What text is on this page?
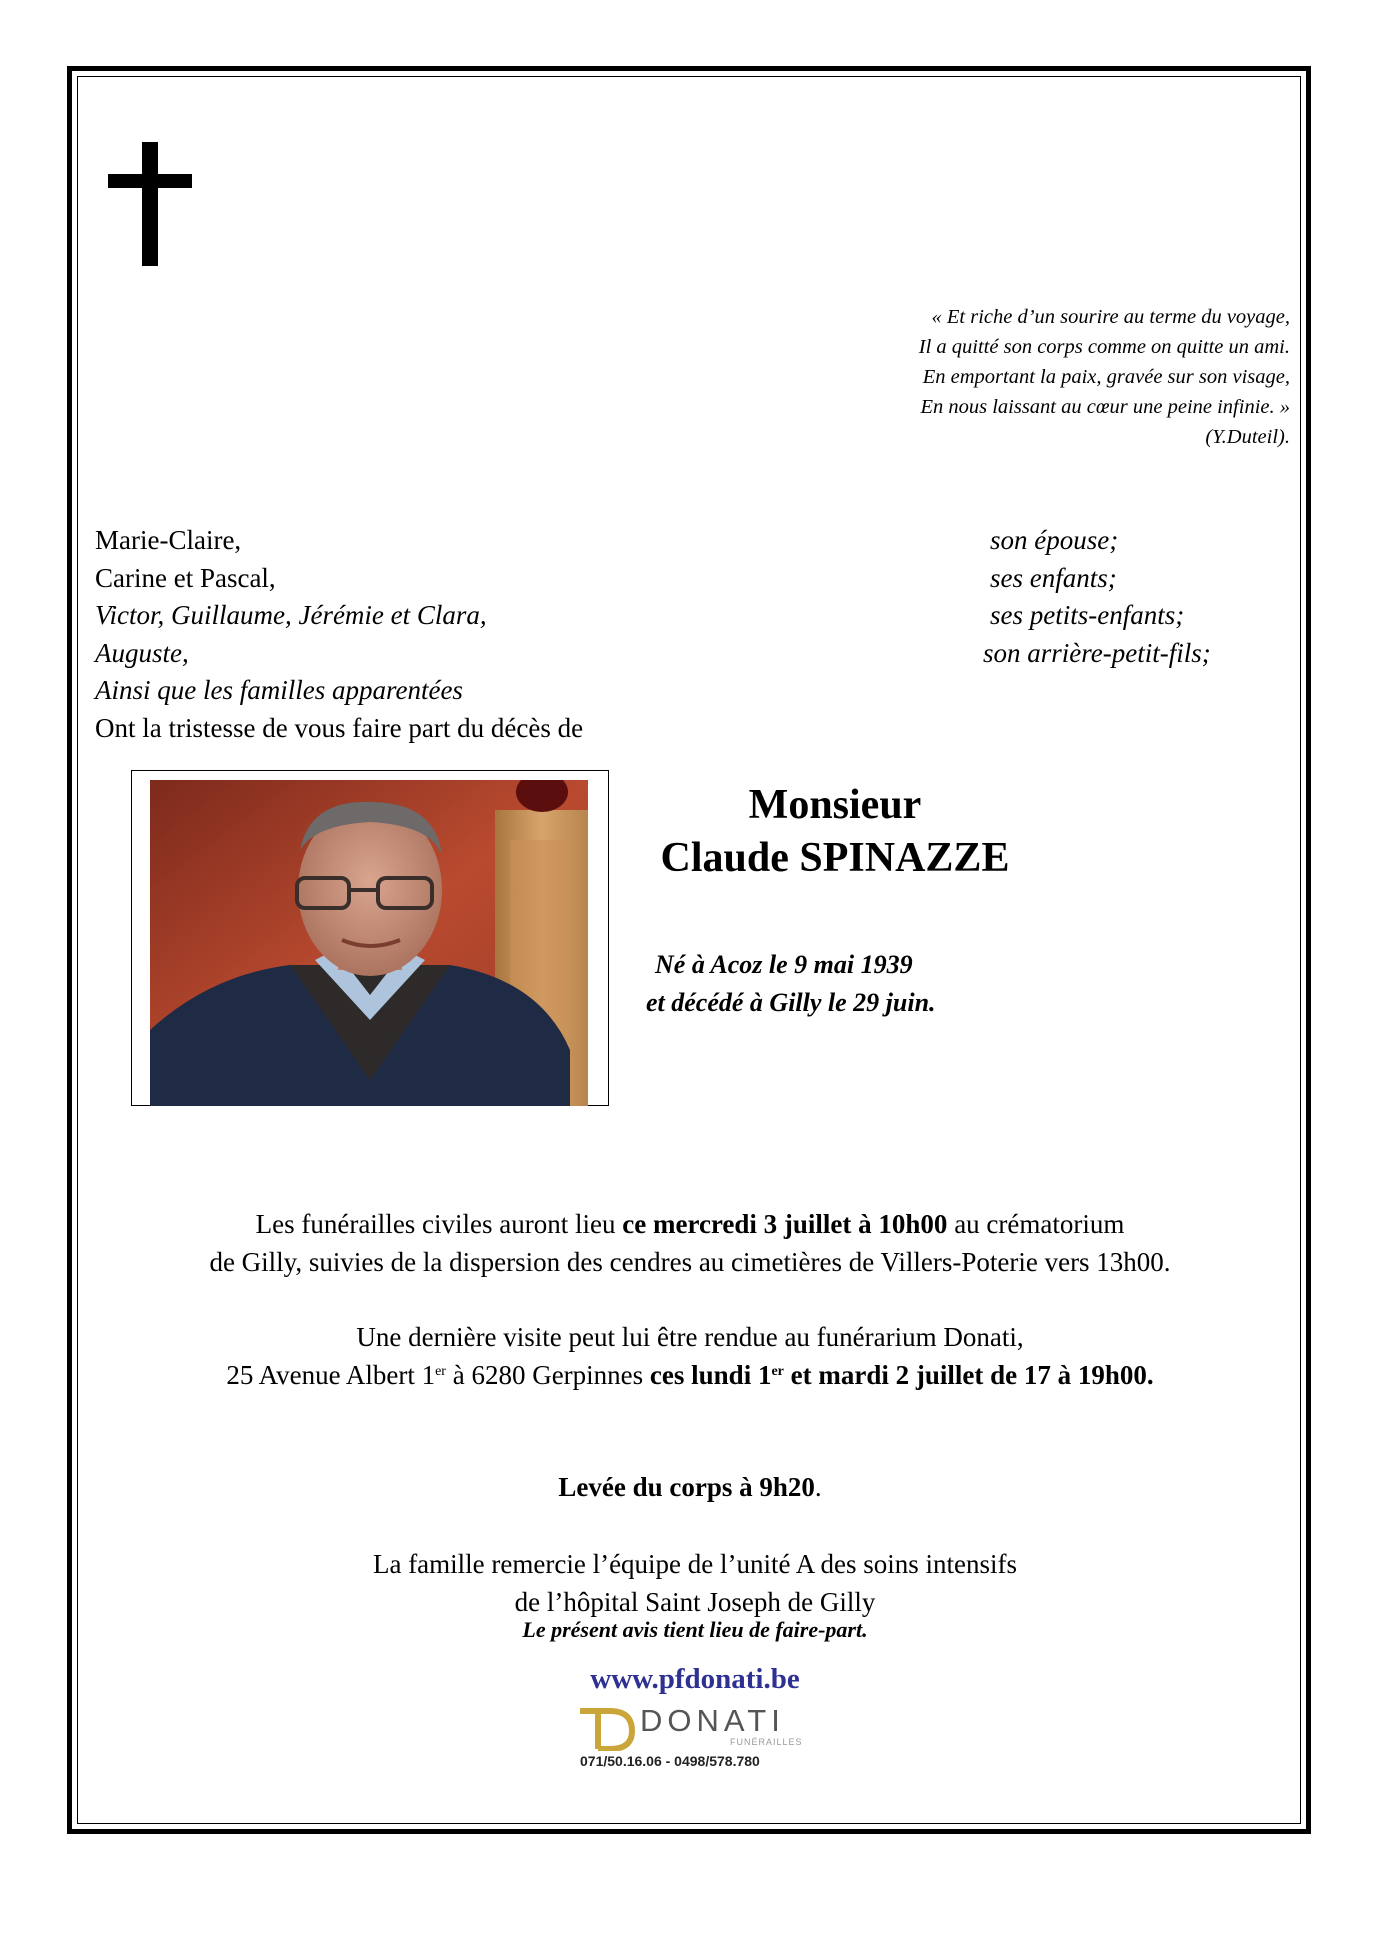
« Et riche d’un sourire au terme du voyage,
Il a quitté son corps comme on quitte un ami.
En emportant la paix, gravée sur son visage,
En nous laissant au cœur une peine infinie. »
(Y.Duteil).
Marie-Claire,
Carine et Pascal,
Victor, Guillaume, Jérémie et Clara,
Auguste,
Ainsi que les familles apparentées
Ont la tristesse de vous faire part du décès de
son épouse;
ses enfants;
ses petits-enfants;
son arrière-petit-fils;
Monsieur
Claude SPINAZZE
Né à Acoz le 9 mai 1939
et décédé à Gilly le 29 juin.
Les funérailles civiles auront lieu ce mercredi 3 juillet à 10h00 au crématorium
de Gilly, suivies de la dispersion des cendres au cimetières de Villers-Poterie vers 13h00.
Une dernière visite peut lui être rendue au funérarium Donati,
25 Avenue Albert 1er à 6280 Gerpinnes ces lundi 1er et mardi 2 juillet de 17 à 19h00.
Levée du corps à 9h20.
La famille remercie l’équipe de l’unité A des soins intensifs
de l’hôpital Saint Joseph de Gilly
Le présent avis tient lieu de faire-part.
www.pfdonati.be
DONATI
FUNÉRAILLES
071/50.16.06 - 0498/578.780
